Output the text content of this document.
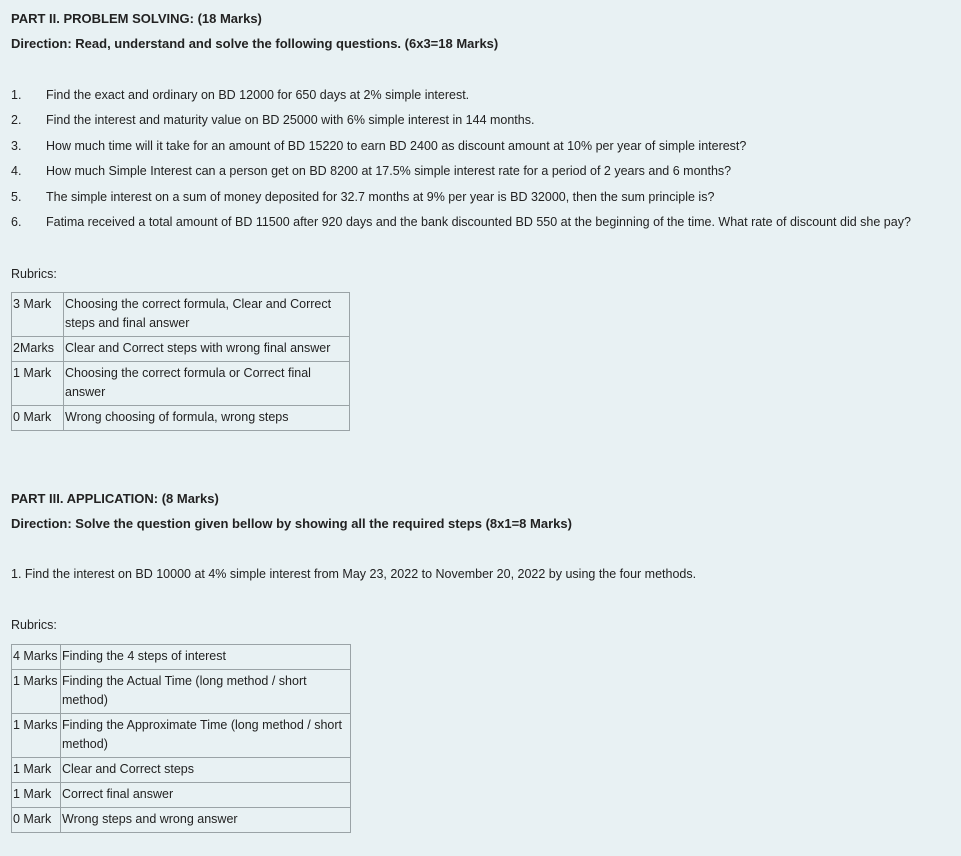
PART II. PROBLEM SOLVING: (18 Marks)
Direction: Read, understand and solve the following questions. (6x3=18 Marks)
1.	Find the exact and ordinary on BD 12000 for 650 days at 2% simple interest.
2.	Find the interest and maturity value on BD 25000 with 6% simple interest in 144 months.
3.	How much time will it take for an amount of BD 15220 to earn BD 2400 as discount amount at 10% per year of simple interest?
4.	How much Simple Interest can a person get on BD 8200 at 17.5% simple interest rate for a period of 2 years and 6 months?
5.	The simple interest on a sum of money deposited for 32.7 months at 9% per year is BD 32000, then the sum principle is?
6.	Fatima received a total amount of BD 11500 after 920 days and the bank discounted BD 550 at the beginning of the time. What rate of discount did she pay?
Rubrics:
3 Mark	Choosing the correct formula, Clear and Correct steps and final answer
2Marks	Clear and Correct steps with wrong final answer
1 Mark	Choosing the correct formula or Correct final answer
0 Mark	Wrong choosing of formula, wrong steps
PART III. APPLICATION: (8 Marks)
Direction: Solve the question given bellow by showing all the required steps (8x1=8 Marks)
1. Find the interest on BD 10000 at 4% simple interest from May 23, 2022 to November 20, 2022 by using the four methods.
Rubrics:
4 Marks	Finding the 4 steps of interest
1 Marks	Finding the Actual Time (long method / short method)
1 Marks	Finding the Approximate Time (long method / short method)
1 Mark	Clear and Correct steps
1 Mark	Correct final answer
0 Mark	Wrong steps and wrong answer
